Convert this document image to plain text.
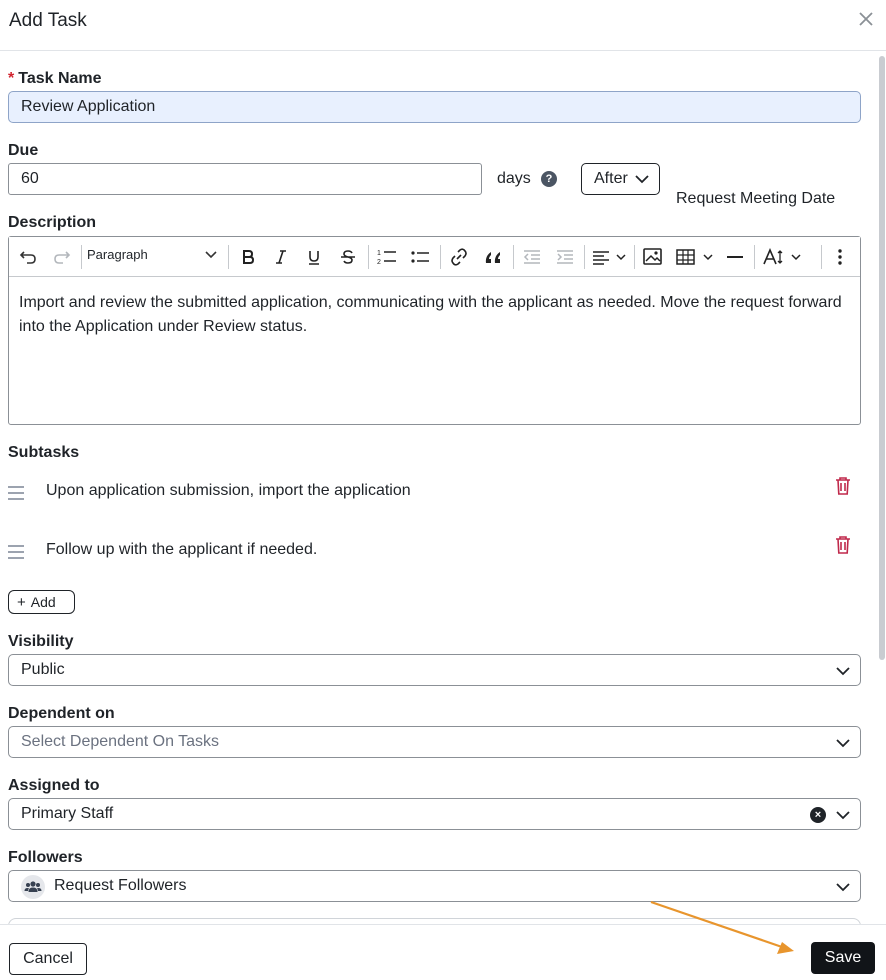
Add Task
* Task Name
Review Application
Due
60	days	?	After
Request Meeting Date
Description
Paragraph	1
2
Import and review the submitted application, communicating with the applicant as needed. Move the request forward into the Application under Review status.
Subtasks
Upon application submission, import the application
Follow up with the applicant if needed.
+ Add
Visibility
Public
Dependent on
Select Dependent On Tasks
Assigned to
Primary Staff	×
Followers
Request Followers
Cancel	Save
